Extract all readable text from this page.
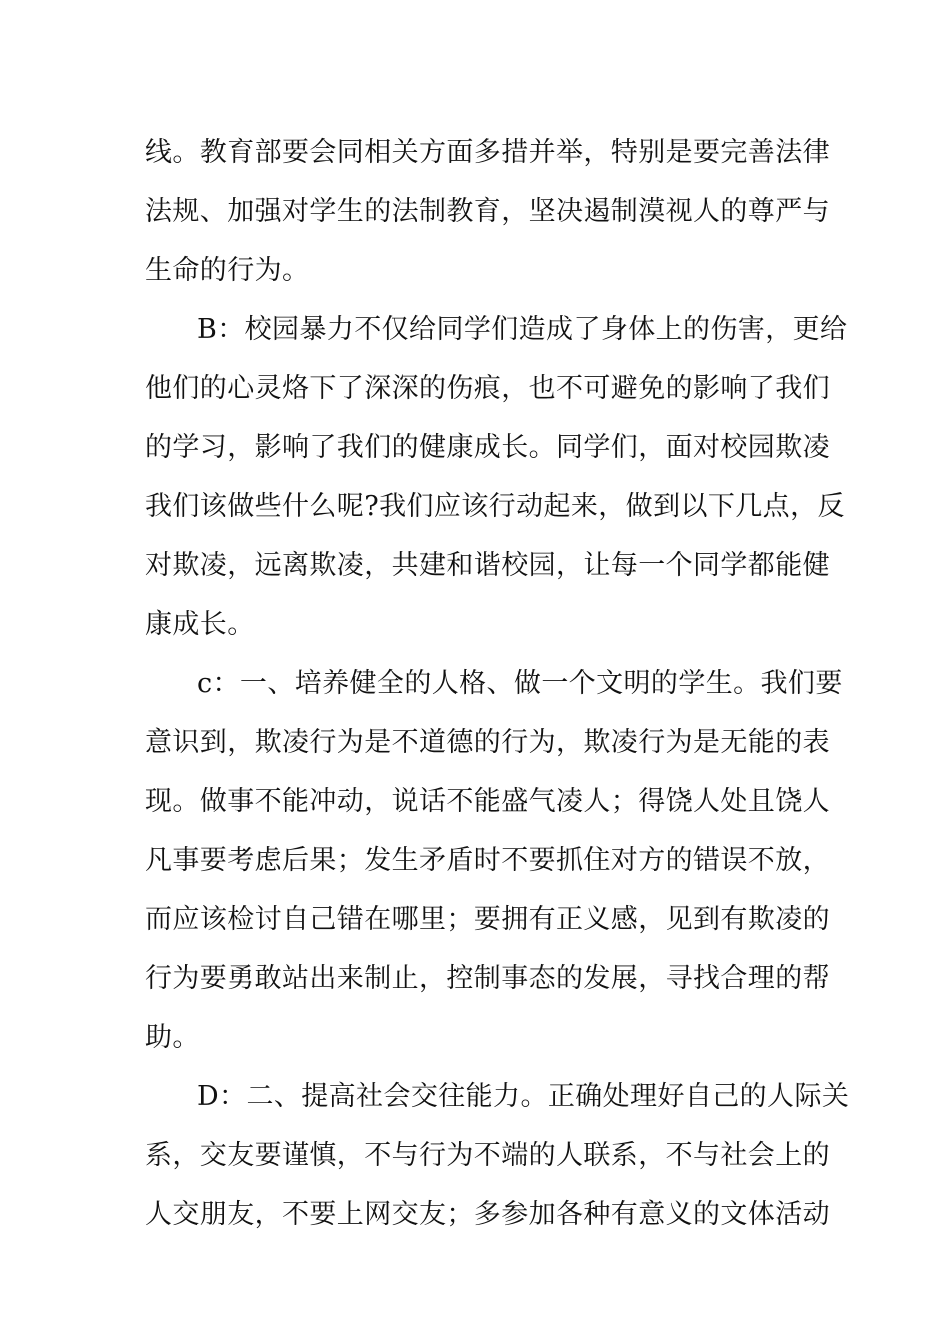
线。教育部要会同相关方面多措并举，特别是要完善法律
法规、加强对学生的法制教育，坚决遏制漠视人的尊严与
生命的行为。
B：校园暴力不仅给同学们造成了身体上的伤害，更给
他们的心灵烙下了深深的伤痕，也不可避免的影响了我们
的学习，影响了我们的健康成长。同学们，面对校园欺凌
我们该做些什么呢?我们应该行动起来，做到以下几点，反
对欺凌，远离欺凌，共建和谐校园，让每一个同学都能健
康成长。
c：一、培养健全的人格、做一个文明的学生。我们要
意识到，欺凌行为是不道德的行为，欺凌行为是无能的表
现。做事不能冲动，说话不能盛气凌人；得饶人处且饶人
凡事要考虑后果；发生矛盾时不要抓住对方的错误不放，
而应该检讨自己错在哪里；要拥有正义感，见到有欺凌的
行为要勇敢站出来制止，控制事态的发展，寻找合理的帮
助。
D：二、提高社会交往能力。正确处理好自己的人际关
系，交友要谨慎，不与行为不端的人联系，不与社会上的
人交朋友，不要上网交友；多参加各种有意义的文体活动
